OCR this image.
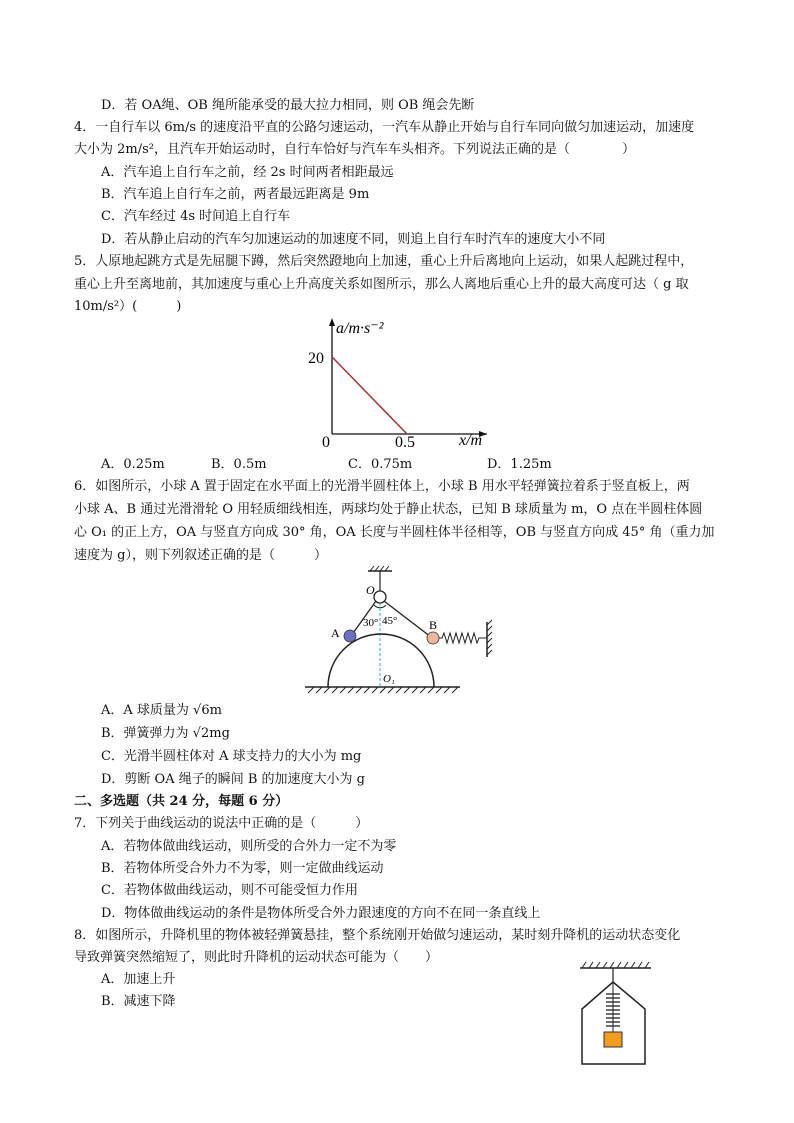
D．若 OA绳、OB 绳所能承受的最大拉力相同，则 OB 绳会先断
4．一自行车以 6m/s 的速度沿平直的公路匀速运动，一汽车从静止开始与自行车同向做匀加速运动，加速度
大小为 2m/s²，且汽车开始运动时，自行车恰好与汽车车头相齐。下列说法正确的是（　　　　）
A．汽车追上自行车之前，经 2s 时间两者相距最远
B．汽车追上自行车之前，两者最远距离是 9m
C．汽车经过 4s 时间追上自行车
D．若从静止启动的汽车匀加速运动的加速度不同，则追上自行车时汽车的速度大小不同
5．人原地起跳方式是先屈腿下蹲，然后突然蹬地向上加速，重心上升后离地向上运动，如果人起跳过程中，
重心上升至离地前，其加速度与重心上升高度关系如图所示，那么人离地后重心上升的最大高度可达（ g 取
10m/s²）(　　　)
a/m·s⁻²
x/m
20
0	0.5
A．0.25m	B．0.5m	C．0.75m	D．1.25m
6．如图所示，小球 A 置于固定在水平面上的光滑半圆柱体上，小球 B 用水平轻弹簧拉着系于竖直板上，两
小球 A、B 通过光滑滑轮 O 用轻质细线相连，两球均处于静止状态，已知 B 球质量为 m，O 点在半圆柱体圆
心 O₁ 的正上方，OA 与竖直方向成 30° 角，OA 长度与半圆柱体半径相等，OB 与竖直方向成 45° 角（重力加
速度为 g），则下列叙述正确的是（　　　）
O
A
B
30° 45°
O₁
A．A 球质量为 √6m
B．弹簧弹力为 √2mg
C．光滑半圆柱体对 A 球支持力的大小为 mg
D．剪断 OA 绳子的瞬间 B 的加速度大小为 g
二、多选题（共 24 分，每题 6 分）
7．下列关于曲线运动的说法中正确的是（　　　）
A．若物体做曲线运动，则所受的合外力一定不为零
B．若物体所受合外力不为零，则一定做曲线运动
C．若物体做曲线运动，则不可能受恒力作用
D．物体做曲线运动的条件是物体所受合外力跟速度的方向不在同一条直线上
8．如图所示，升降机里的物体被轻弹簧悬挂，整个系统刚开始做匀速运动，某时刻升降机的运动状态变化
导致弹簧突然缩短了，则此时升降机的运动状态可能为（　　）
A．加速上升
B．减速下降
